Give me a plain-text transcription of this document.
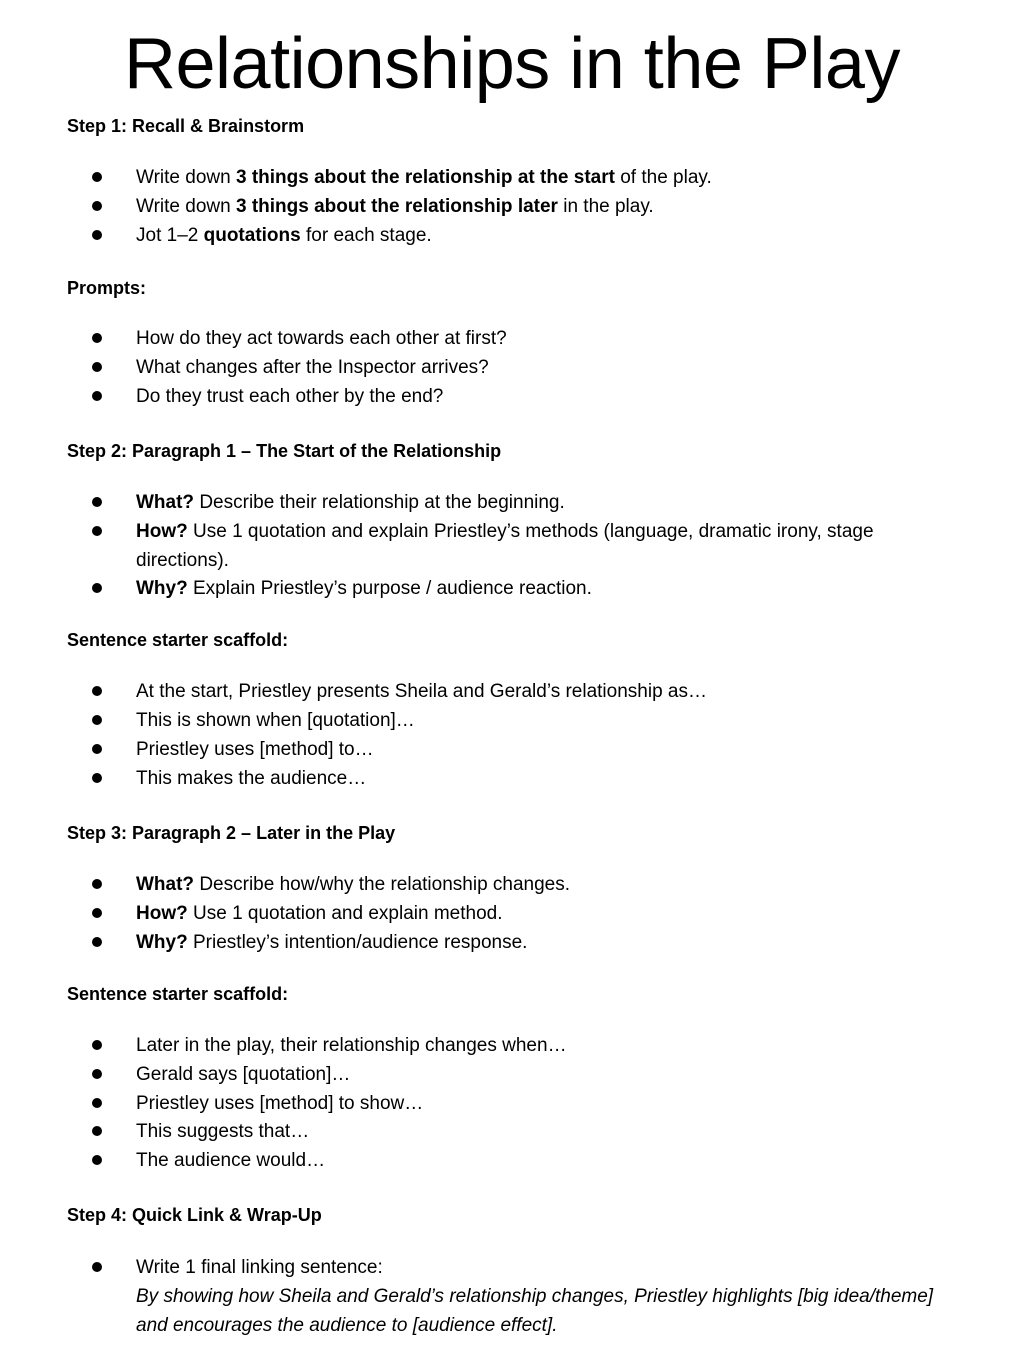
Relationships in the Play
Step 1: Recall & Brainstorm
Write down 3 things about the relationship at the start of the play.
Write down 3 things about the relationship later in the play.
Jot 1–2 quotations for each stage.
Prompts:
How do they act towards each other at first?
What changes after the Inspector arrives?
Do they trust each other by the end?
Step 2: Paragraph 1 – The Start of the Relationship
What? Describe their relationship at the beginning.
How? Use 1 quotation and explain Priestley’s methods (language, dramatic irony, stage directions).
Why? Explain Priestley’s purpose / audience reaction.
Sentence starter scaffold:
At the start, Priestley presents Sheila and Gerald’s relationship as…
This is shown when [quotation]…
Priestley uses [method] to…
This makes the audience…
Step 3: Paragraph 2 – Later in the Play
What? Describe how/why the relationship changes.
How? Use 1 quotation and explain method.
Why? Priestley’s intention/audience response.
Sentence starter scaffold:
Later in the play, their relationship changes when…
Gerald says [quotation]…
Priestley uses [method] to show…
This suggests that…
The audience would…
Step 4: Quick Link & Wrap-Up
Write 1 final linking sentence:
By showing how Sheila and Gerald’s relationship changes, Priestley highlights [big idea/theme] and encourages the audience to [audience effect].
